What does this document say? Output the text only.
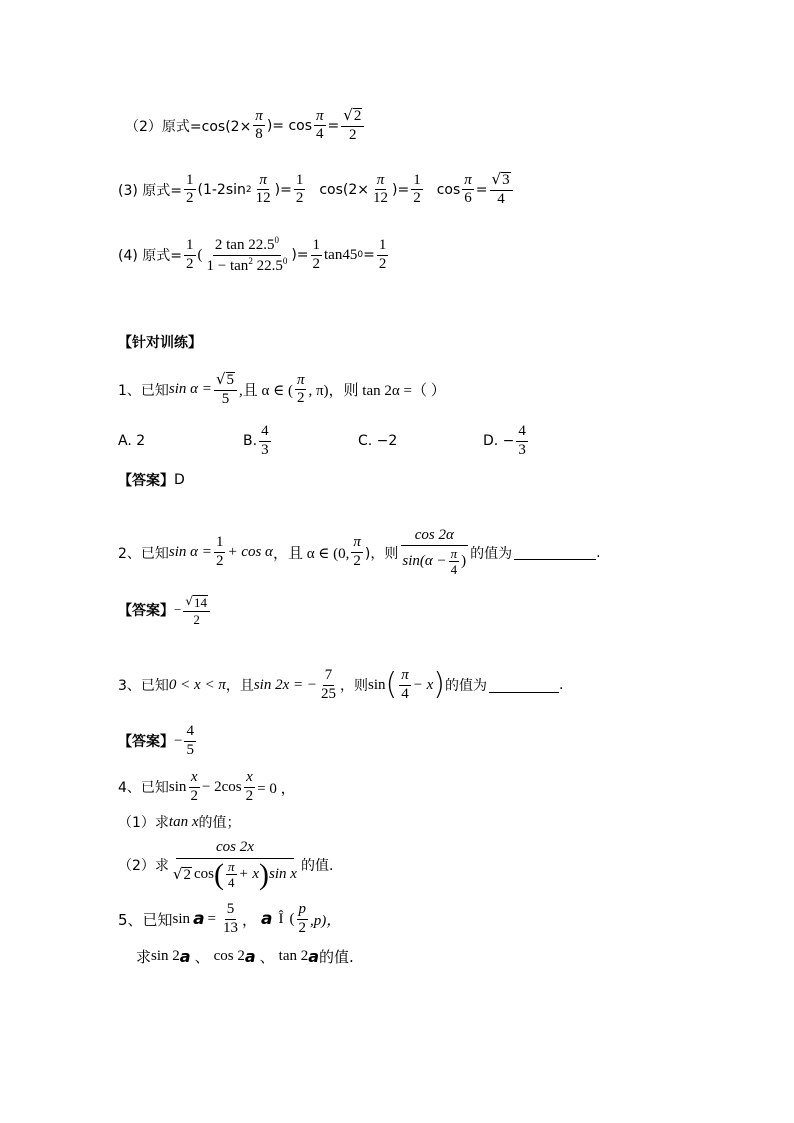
（2）原式$=\cos(2\times \frac{\pi}{8}$ )= $\cos \frac{\pi}{4} = \frac{√ 2}{2}$
(3) 原式= $\frac{1}{2} (1-2\sin$ $2 \frac{\pi}{12}$ )= $\frac{1}{2} \cos(2\times \frac{\pi}{12}$ )= $\frac{1}{2}$ $\cos \frac{\pi}{6} = \frac{√ 3}{4}$
(4) 原式= $\frac{1}{2}$ ( $\frac{2 \tan 22.5^0}{1 - \tan^2 22.5^0}$ )= $\frac{1}{2} \tan 45$ $0 = \frac{1}{2}$
【针对训练】
1、已知 $\sin \alpha = \frac{√ 5}{5}$ ,且 α ∈ ( $\frac{\pi}{2}$ , π)，则 tan 2α =（ ）
A. 2	B. $\frac{4}{3}$	C. −2	D. − $\frac{4}{3}$
【答案】 D
2、已知 $\sin \alpha = \frac{1}{2} + \cos \alpha$ ，且 α ∈ (0, $\frac{\pi}{2}$ )，则 $\frac{\cos 2\alpha}{\sin(\alpha - \frac{\pi}{4} )}$ 的值为	.
【答案】 − $\frac{√ 14}{2}$
3、已知 0 < x < π ，且 sin 2x = − $\frac{7}{25}$ ，则 sin ( $\frac{\pi}{4} - x$ ) 的值为	.
【答案】 − $\frac{4}{5}$
4、已知 $\sin \frac{x}{2} - 2\cos \frac{x}{2} = 0$ ，
（1）求 tan x 的值；
（2）求 $\frac{\cos 2x}{√ 2 \cos ( \frac{\pi}{4} + x ) \sin x}$ 的值.
5、已知 $\sin a = \frac{5}{13}$ ， a Î ( $\frac{p}{2} ,p$)，
求 sin 2 a 、 cos 2 a 、 tan 2 a 的值.
